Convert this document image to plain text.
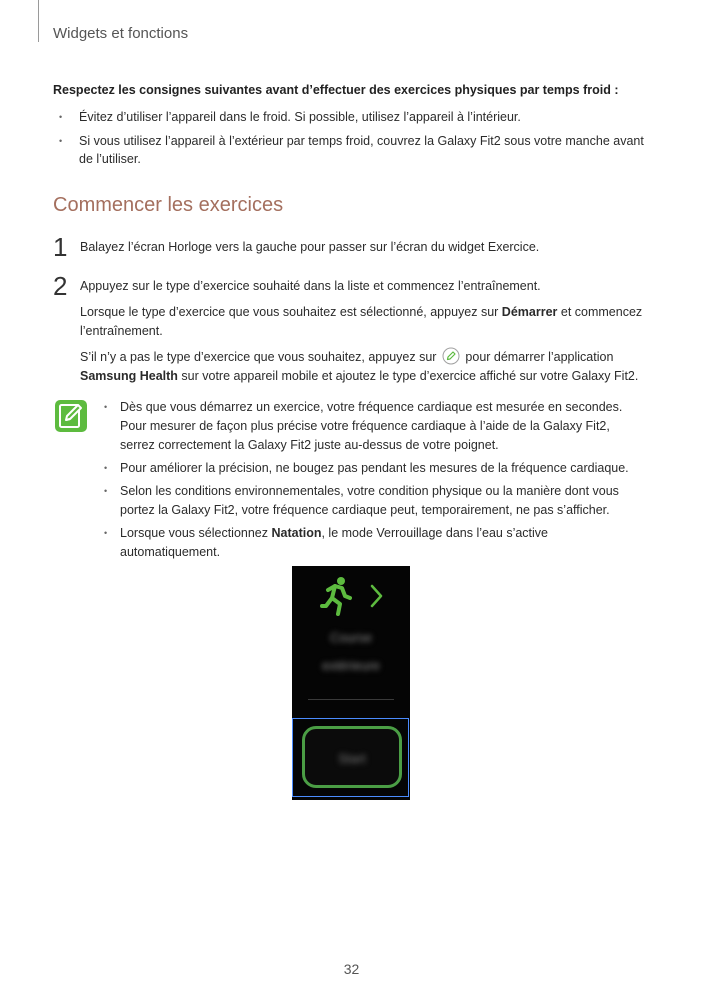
Widgets et fonctions
Respectez les consignes suivantes avant d’effectuer des exercices physiques par temps froid :
• Évitez d’utiliser l’appareil dans le froid. Si possible, utilisez l’appareil à l’intérieur.
• Si vous utilisez l’appareil à l’extérieur par temps froid, couvrez la Galaxy Fit2 sous votre manche avant de l’utiliser.
Commencer les exercices
1 Balayez l’écran Horloge vers la gauche pour passer sur l’écran du widget Exercice.
2 Appuyez sur le type d’exercice souhaité dans la liste et commencez l’entraînement.
Lorsque le type d’exercice que vous souhaitez est sélectionné, appuyez sur Démarrer et commencez l’entraînement.
S’il n’y a pas le type d’exercice que vous souhaitez, appuyez sur  pour démarrer l’application
Samsung Health sur votre appareil mobile et ajoutez le type d’exercice affiché sur votre Galaxy Fit2.
• Dès que vous démarrez un exercice, votre fréquence cardiaque est mesurée en secondes.
Pour mesurer de façon plus précise votre fréquence cardiaque à l’aide de la Galaxy Fit2, serrez correctement la Galaxy Fit2 juste au-dessus de votre poignet.
• Pour améliorer la précision, ne bougez pas pendant les mesures de la fréquence cardiaque.
• Selon les conditions environnementales, votre condition physique ou la manière dont vous portez la Galaxy Fit2, votre fréquence cardiaque peut, temporairement, ne pas s’afficher.
• Lorsque vous sélectionnez Natation, le mode Verrouillage dans l’eau s’active automatiquement.
Course
extérieure
Start
32
